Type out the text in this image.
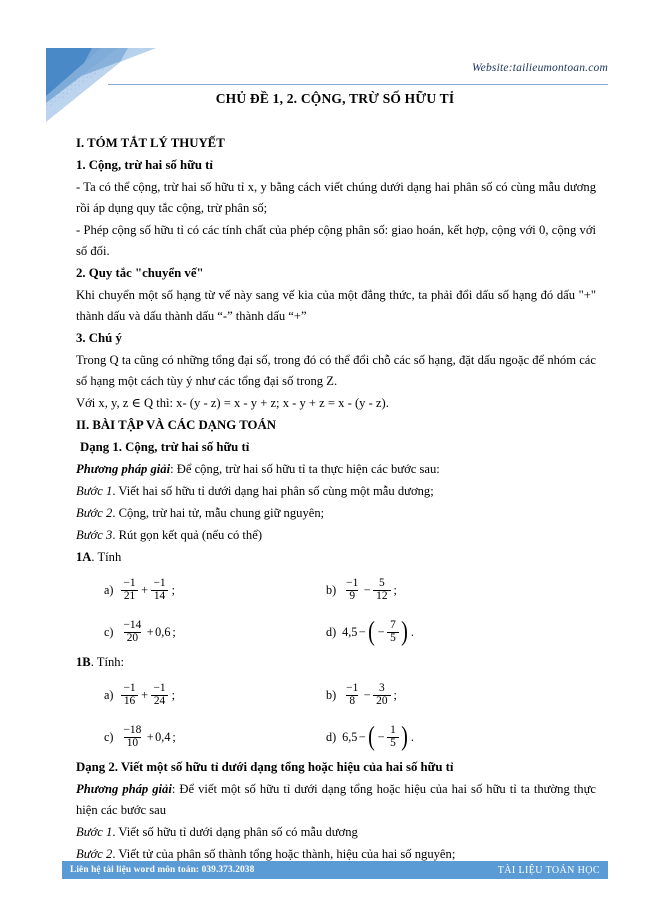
Website:tailieumontoan.com
CHỦ ĐỀ 1, 2. CỘNG, TRỪ SỐ HỮU TỈ

I. TÓM TẮT LÝ THUYẾT

1. Cộng, trừ hai số hữu tỉ

- Ta có thể cộng, trừ hai số hữu tỉ x, y bằng cách viết chúng dưới dạng hai phân số có cùng mẫu dương rồi áp dụng quy tắc cộng, trừ phân số;

- Phép cộng số hữu tỉ có các tính chất của phép cộng phân số: giao hoán, kết hợp, cộng với 0, cộng với số đối.

2. Quy tắc "chuyển vế"

Khi chuyển một số hạng từ vế này sang vế kia của một đẳng thức, ta phải đổi dấu số hạng đó dấu "+" thành dấu và dấu thành dấu “-” thành dấu “+”

3. Chú ý

Trong Q ta cũng có những tổng đại số, trong đó có thể đổi chỗ các số hạng, đặt dấu ngoặc để nhóm các số hạng một cách tùy ý như các tổng đại số trong Z.

Với x, y, z ∈ Q thì: x- (y - z) = x - y + z; x - y + z = x - (y - z).

II. BÀI TẬP VÀ CÁC DẠNG TOÁN

Dạng 1. Cộng, trừ hai số hữu tỉ

Phương pháp giải: Để cộng, trừ hai số hữu tỉ ta thực hiện các bước sau:

Bước 1. Viết hai số hữu tỉ dưới dạng hai phân số cùng một mẫu dương;

Bước 2. Cộng, trừ hai tử, mẫu chung giữ nguyên;

Bước 3. Rút gọn kết quả (nếu có thể)

1A. Tính

$a) \frac{-1}{21} + \frac{-1}{14}$ ;	$b) \frac{-1}{9} - \frac{5}{12}$ ;
$c) \frac{-14}{20} + 0,6$ ;	d) 4,5 − ( − $\frac{7}{5}$ ) .

1B. Tính:

$a) \frac{-1}{16} + \frac{-1}{24}$ ;	$b) \frac{-1}{8} - \frac{3}{20}$ ;
$c) \frac{-18}{10} + 0,4$ ;	d) 6,5 − ( − $\frac{1}{5}$ ) .

Dạng 2. Viết một số hữu tỉ dưới dạng tổng hoặc hiệu của hai số hữu tỉ

Phương pháp giải: Để viết một số hữu tỉ dưới dạng tổng hoặc hiệu của hai số hữu tỉ ta thường thực hiện các bước sau

Bước 1. Viết số hữu tỉ dưới dạng phân số có mẫu dương

Bước 2. Viết tử của phân số thành tổng hoặc thành, hiệu của hai số nguyên;

Liên hệ tài liệu word môn toán: 039.373.2038	TÀI LIỆU TOÁN HỌC
